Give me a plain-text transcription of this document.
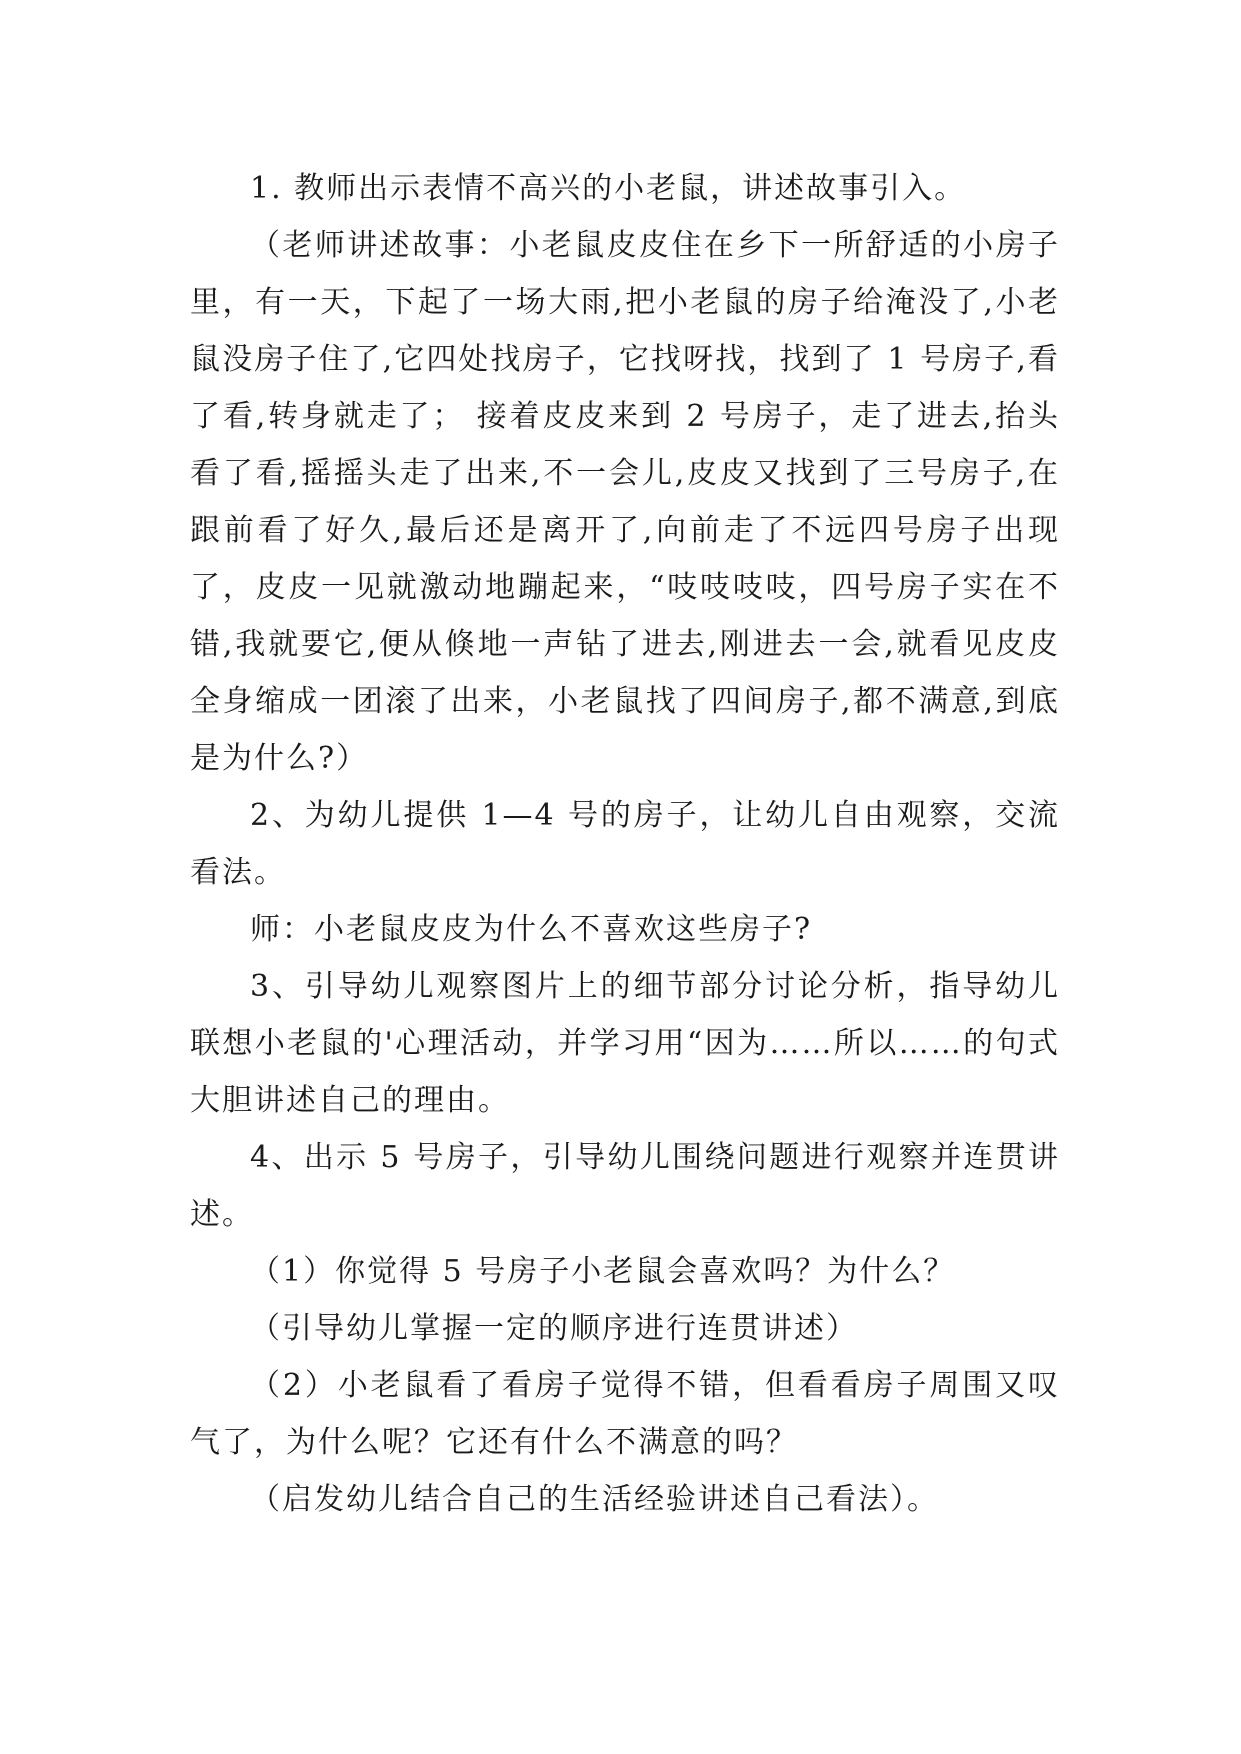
1. 教师出示表情不高兴的小老鼠，讲述故事引入。

（老师讲述故事：小老鼠皮皮住在乡下一所舒适的小房子里，有一天，下起了一场大雨,把小老鼠的房子给淹没了,小老鼠没房子住了,它四处找房子，它找呀找，找到了 1 号房子,看了看,转身就走了； 接着皮皮来到 2 号房子，走了进去,抬头看了看,摇摇头走了出来,不一会儿,皮皮又找到了三号房子,在跟前看了好久,最后还是离开了,向前走了不远四号房子出现了，皮皮一见就激动地蹦起来，“吱吱吱吱，四号房子实在不错,我就要它,便从倏地一声钻了进去,刚进去一会,就看见皮皮全身缩成一团滚了出来，小老鼠找了四间房子,都不满意,到底是为什么?）

2、为幼儿提供 1—4 号的房子，让幼儿自由观察，交流看法。

师：小老鼠皮皮为什么不喜欢这些房子?

3、引导幼儿观察图片上的细节部分讨论分析，指导幼儿联想小老鼠的'心理活动，并学习用“因为……所以……的句式大胆讲述自己的理由。

4、出示 5 号房子，引导幼儿围绕问题进行观察并连贯讲述。

（1）你觉得 5 号房子小老鼠会喜欢吗？为什么？

（引导幼儿掌握一定的顺序进行连贯讲述）

（2）小老鼠看了看房子觉得不错，但看看房子周围又叹气了，为什么呢？它还有什么不满意的吗？

（启发幼儿结合自己的生活经验讲述自己看法）。
